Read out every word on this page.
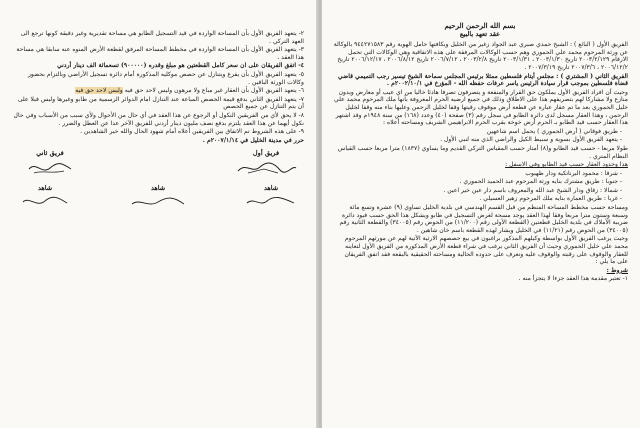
٢- يتعهد الفريق الأول بأن المساحة الواردة في قيد التسجيل الطابو هي مساحة تقديرية وغير دقيقة كونها ترجع الى العهد التركي .

٣- يتعهد الفريق الأول بأن المساحة الواردة في مخطط المساحة المرفق لقطعة الأرض المنوه عنه سابقا هي مساحة هذا العقد .

٤- اتفق الفريقان على ان سعر كامل القطعتين هو مبلغ وقدره (٩٠٠٠٠٠) تسعمائة الف دينار أردني

٥- يتعهد الفريق الأول بأن يفرغ ويتنازل عن حصص موكليه المذكورة أمام دائرة تسجيل الأراضي وبالتزام بحضور وكالات الورثة الباقين .

٦- يتعهد الفريق الأول بأن العقار غير مباع ولا مرهون وليس لاحد حق فيه وليس لاحد حق فيه

٧- يتعهد الفريق الثاني بدفع قيمة الحصص المباعة عند التنازل امام الدوائر الرسمية من طابو وغيرها وليس قبلا على أن يتم التنازل عن جميع الحصص

٨- لا يحق لأي من الفريقين النكول أو الرجوع عن هذا العقد في أي حال من الأحوال ولأي سبب من الأسباب وفي حال نكول أيهما عن هذا العقد يلتزم بدفع نصف مليون دينار أردني للفريق الآخر عدا عن العطل والضرر .

٩- على هذه الشروط تم الاتفاق بين الفريقين أعلاه أمام شهود الحال والله خير الشاهدين .

حرر في مدينة الخليل في ٢٠٠٧/١/١٤م .

فريق أول
فريق ثاني
شاهد
شاهد
شاهد
بسم الله الرحمن الرحيم
عقد تعهد بالبيع

الفريق الأول ( البائع ) : الشيخ حمدي صبري عبد الجواد زغير من الخليل وبكافتها حامل الهوية رقم ٩٤٤٢٧١٥٨٣ بالوكالة عن ورثة المرحوم محمد علي الحموري وهم حسب الوكالات المرفقة على هذه الاتفاقية وهي الوكالات التي تحمل الارقام ٢٠٠٣/٢/١٢٩ تاريخ ٢٠٠٣/١/٣٠ ، ٢٠٠٣/١/٣١ تاريخ ٢٠٠٣/٢/٨ ، ٢٠٠٦/٧/١٢ تاريخ ٢٠٠٦/٨/١٢ ، ٢٠٠٦/١٢/١٧ تاريخ ٢٠٠٦/١٢/٢ ، ٢٠٠٧/٣/٦ تاريخ ٢٠٠٧/٣/١٩ .

الفريق الثاني ( المشتري ) : مجلس أيتام فلسطين ممثلا برئيس المجلس سماحة الشيخ تيسير رجب التميمي قاضي قضاة فلسطين بموجب قرار سيادة الرئيس ياسر عرفات حفظه الله - المؤرخ في ٢٠٠٢/١٠/١م .

وحيث أن افراد الفريق الأول يملكون حق القرار والمنفعة و يتصرفون تصرفا هادئا خاليا من اي عيب أو معارض ويدون منازع ولا مشاركا لهم بتصريفهم هذا على الاطلاق وذلك في جميع ارضيه الحرم المعروفة بأنها ملك المرحوم محمد علي خليل الحموري بعد ما تم عقار عبارة عن قطعة أرض موقوف رقيتها وقفا لخليل الرحمن وعليها بناء منه وقفا لخليل الرحمن ، وهذا العقار مسجل لدى دائرة الطابو في سجل رقم (٣) صفحة (٤٠) وعدد (١٦٨) من سنة ١٩٤٨م وقد اشتهر هذا العقار حسب قيد الطابو بـ الحرم أرض خوخة بقرب الحرم الابراهيمي الشريف ومساحته أعلاه :

- طريق فوقاني ( أرض الحموري ) يحمل اسم شاعهين

- يتعهد الفريق الأول بسوية و سبيط الكيل والراضي الذي منه لنبي الأول .

طولا مربعا - حسب قيد الطابو و(٨) أمتار حسب المقياس التركي القديم وما يساوي (١٨٣٧) مترا مربعا حسب القياس النظام المتري .

هذا وحدود العقار حسب قيد الطابو وفي الاسفل :

- شرقا : محمود البرناتكية ودار ظهبوب

- جنوبا : طريق مشترك بنايه ورثة المرحوم عبد الحميد الحموري .

- شمالا : زقاق ودار الشيخ عبد الله والمعروف باسم دار عين خير اعين .

- غربا : طريق العمارة بنايه ملك المرحوم زهير العسيلي .

ومساحة حسب مخطط المساحة المنظم من قبل القسم الهندسي في بلدية الخليل تساوي (٩) عشرة وتسع مائة وسبعة وستون مترا مربعا وفقا لهذا العقد يوجد مسحة لغرض التسجيل في طابو ويشكل هذا الحق حسب قيود دائرة ضريبة الأملاك في بلدية الخليل قطعتين (القطعة الأولى رقم (١١/٢٠٠) من الحوض رقم (٣٤٠٠٥) والقطعة الثانية رقم (٣٤٠٠٥) من الحوض رقم (١١/٢١) في الخليل ويشار لهذه القطعة باسم خان شاهين .

وحيث يرغب الفريق الأول بواسطة وكيلهم المذكور براغبون في بيع حصصهم الارثية الآتية لهم عن مورثهم المرحوم محمد علي خليل الحموري وحيث أن الفريق الثاني يرغب في شراء قطعة الأرض المذكورة من الفريق الأول لتعاينه للعقار والوقوف على رقبته والوقوف عليه وتعرف على حدوده الحالية ومساحته الحقيقية بالبقعة فقد اتفق الفريقان على ما يلي :

شروط :

١- تعتبر مقدمة هذا العقد جزءا لا يتجزأ منه .
